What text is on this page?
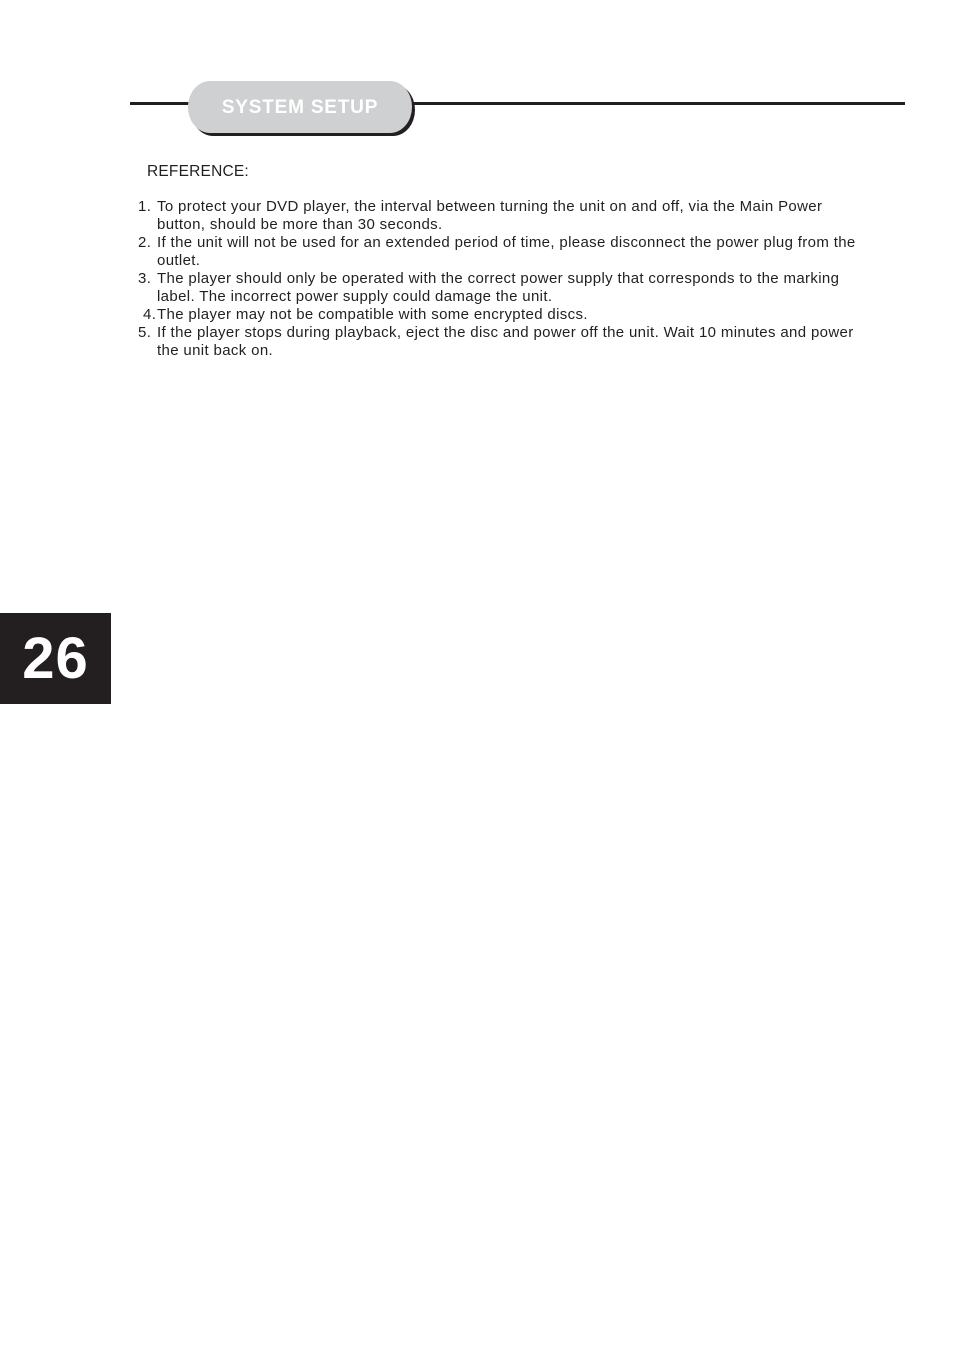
SYSTEM SETUP
REFERENCE:
1. To protect your DVD player, the interval between turning the unit on and off, via the Main Power button, should be more than 30 seconds.
2. If the unit will not be used for an extended period of time, please disconnect the power plug from the outlet.
3. The player should only be operated with the correct power supply that corresponds to the marking label. The incorrect power supply could damage the unit.
4. The player may not be compatible with some encrypted discs.
5. If the player stops during playback, eject the disc and power off the unit. Wait 10 minutes and power the unit back on.
26
